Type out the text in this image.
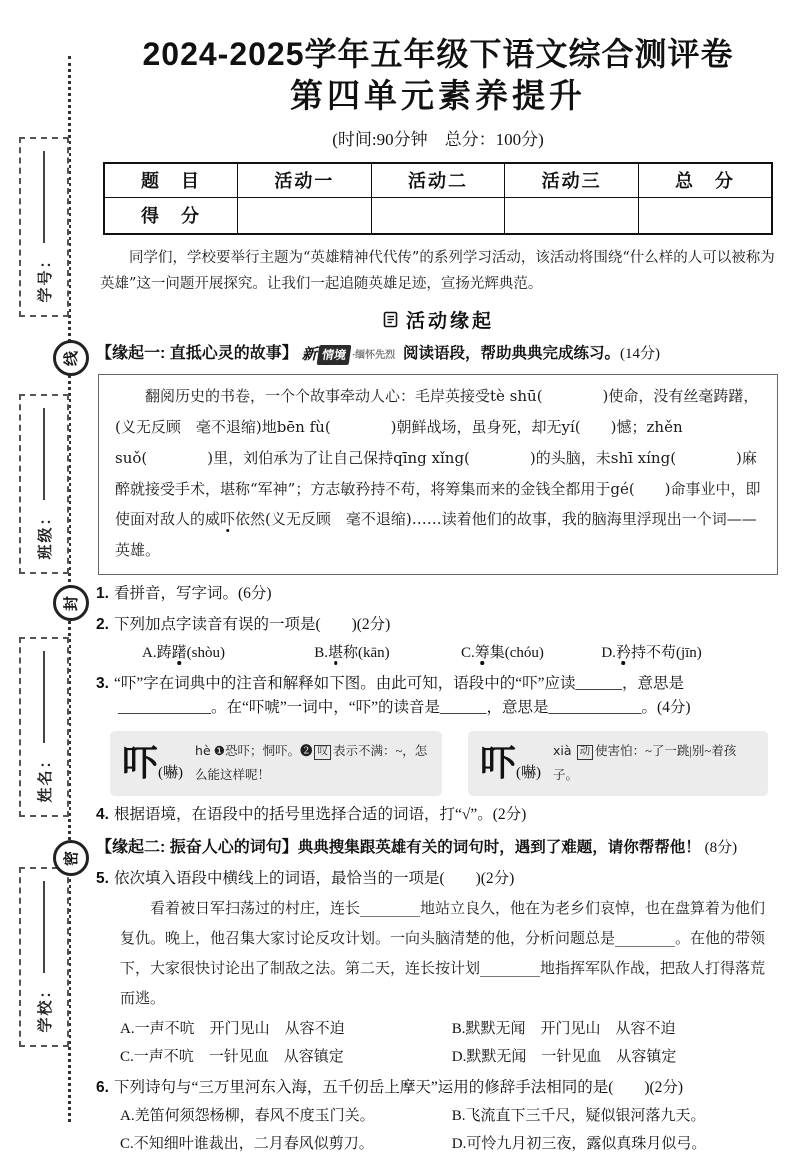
学号：
线
班级：
封
姓名：
密
学校：
2024-2025学年五年级下语文综合测评卷
第四单元素养提升
(时间:90分钟　总分：100分)
题　目	活动一	活动二	活动三	总　分
得　分				

同学们，学校要举行主题为“英雄精神代代传”的系列学习活动，该活动将围绕“什么样的人可以被称为英雄”这一问题开展探究。让我们一起追随英雄足迹，宣扬光辉典范。

活动缘起
【缘起一: 直抵心灵的故事】 新 情境 ·缅怀先烈 阅读语段，帮助典典完成练习。(14分)

翻阅历史的书卷，一个个故事牵动人心：毛岸英接受tè shū(　　　　)使命，没有丝毫踌躇，(义无反顾　毫不退缩)地bēn fù(　　　　)朝鲜战场，虽身死，却无yí(　　)憾；zhěn suǒ(　　　　)里，刘伯承为了让自己保持qīng xǐng(　　　　)的头脑，未shī xíng(　　　　)麻醉就接受手术，堪称“军神”；方志敏矜持不苟，将筹集而来的金钱全都用于gé(　　)命事业中，即使面对敌人的威吓依然(义无反顾　毫不退缩)……读着他们的故事，我的脑海里浮现出一个词——英雄。

1. 看拼音，写字词。(6分)
2. 下列加点字读音有误的一项是(　　)(2分)
A.踌躇(shòu)	B.堪称(kān)	C.筹集(chóu)	D.矜持不苟(jīn)
3. “吓”字在词典中的注音和解释如下图。由此可知，语段中的“吓”应读______，意思是____________。在“吓唬”一词中，“吓”的读音是______，意思是____________。(4分)
吓(嚇)
hè ❶恐吓；恫吓。❷ 叹 表示不满：~，怎么能这样呢！	吓(嚇)
xià 动 使害怕：~了一跳|别~着孩子。
4. 根据语境，在语段中的括号里选择合适的词语，打“√”。(2分)
【缘起二: 振奋人心的词句】典典搜集跟英雄有关的词句时，遇到了难题，请你帮帮他！ (8分)
5. 依次填入语段中横线上的词语，最恰当的一项是(　　)(2分)
看着被日军扫荡过的村庄，连长________地站立良久，他在为老乡们哀悼，也在盘算着为他们复仇。晚上，他召集大家讨论反攻计划。一向头脑清楚的他，分析问题总是________。在他的带领下，大家很快讨论出了制敌之法。第二天，连长按计划________地指挥军队作战，把敌人打得落荒而逃。
A.一声不吭　开门见山　从容不迫	B.默默无闻　开门见山　从容不迫
C.一声不吭　一针见血　从容镇定	D.默默无闻　一针见血　从容镇定
6. 下列诗句与“三万里河东入海，五千仞岳上摩天”运用的修辞手法相同的是(　　)(2分)
A.羌笛何须怨杨柳，春风不度玉门关。	B.飞流直下三千尺，疑似银河落九天。
C.不知细叶谁裁出，二月春风似剪刀。	D.可怜九月初三夜，露似真珠月似弓。
